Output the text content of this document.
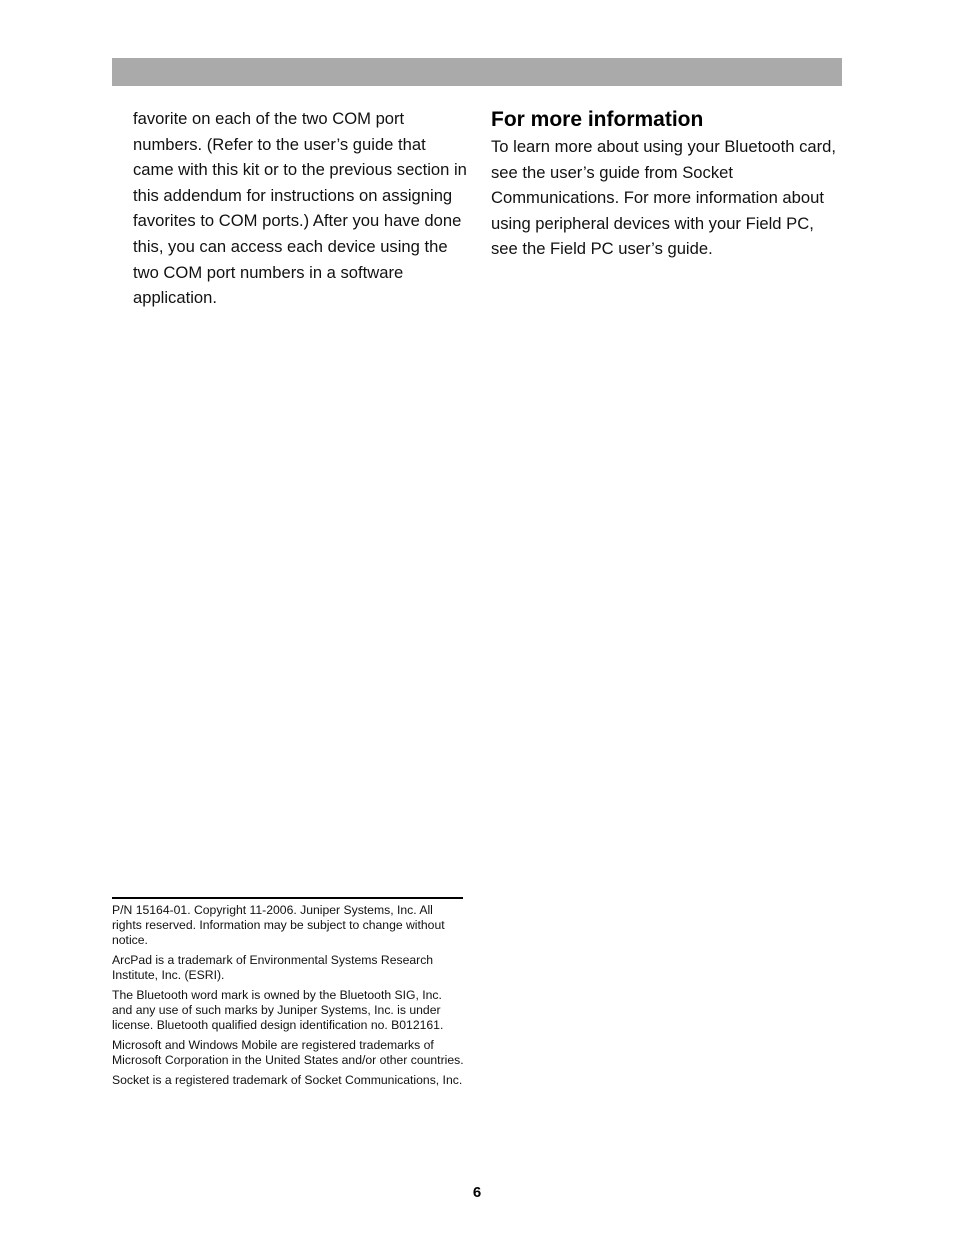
favorite on each of the two COM port numbers. (Refer to the user’s guide that came with this kit or to the previous section in this addendum for instructions on assigning favorites to COM ports.) After you have done this, you can access each device using the two COM port numbers in a software application.

For more information

To learn more about using your Bluetooth card, see the user’s guide from Socket Communications. For more information about using peripheral devices with your Field PC, see the Field PC user’s guide.

P/N 15164-01. Copyright 11-2006. Juniper Systems, Inc. All rights reserved. Information may be subject to change without notice.

ArcPad is a trademark of Environmental Systems Research Institute, Inc. (ESRI).

The Bluetooth word mark is owned by the Bluetooth SIG, Inc. and any use of such marks by Juniper Systems, Inc. is under license. Bluetooth qualified design identification no. B012161.

Microsoft and Windows Mobile are registered trademarks of Microsoft Corporation in the United States and/or other countries.

Socket is a registered trademark of Socket Communications, Inc.

6
